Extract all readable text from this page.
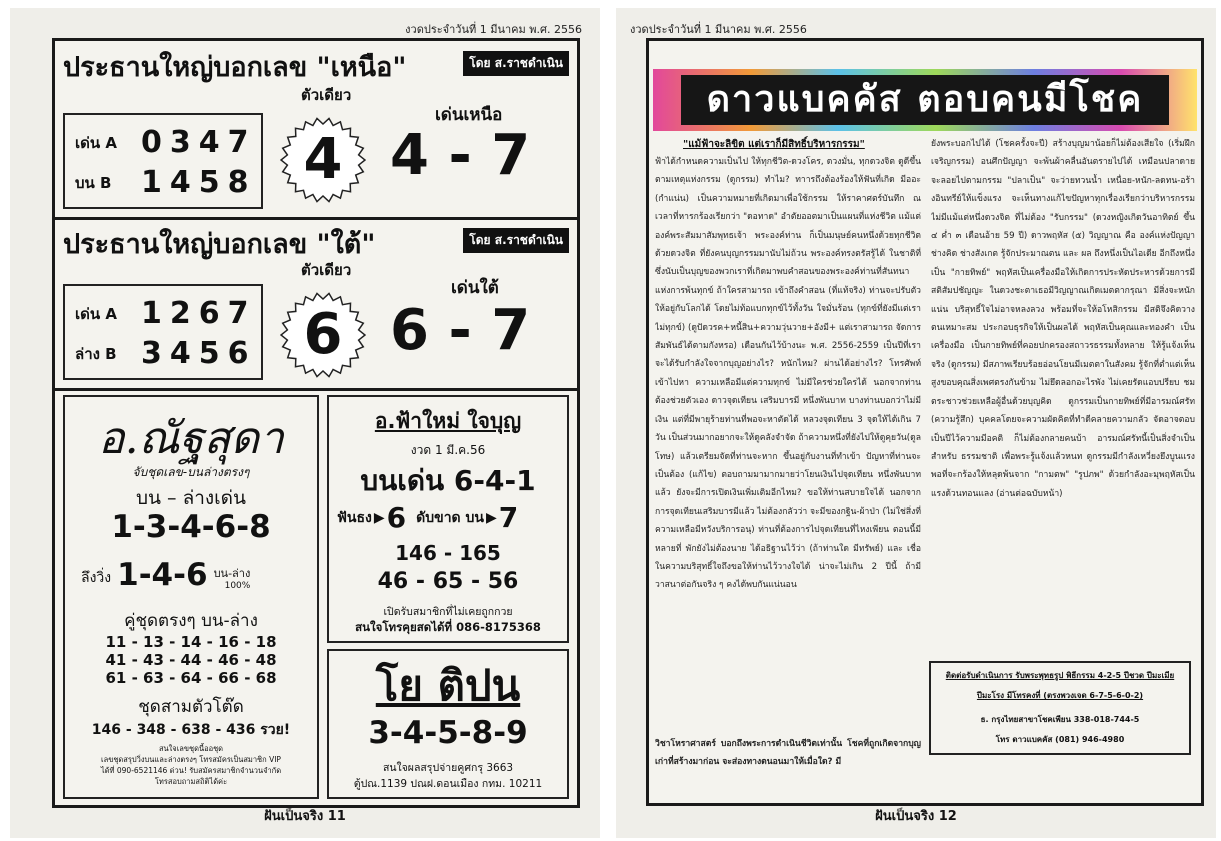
งวดประจำวันที่ 1 มีนาคม พ.ศ. 2556
ประธานใหญ่บอกเลข "เหนือ"	โดย ส.ราชดำเนิน
เด่น A 0347
บน B 1458
ตัวเดียว
4
เด่นเหนือ
4 - 7
ประธานใหญ่บอกเลข "ใต้"	โดย ส.ราชดำเนิน
เด่น A 1267
ล่าง B 3456
ตัวเดียว
6
เด่นใต้
6 - 7
อ.ณัฐสุดา
จับชุดเลข-บนล่างตรงๆ
บน – ล่างเด่น
1-3-4-6-8
ลึงวิ่ง 1-4-6 บน-ล่าง
100%
คู่ชุดตรงๆ บน-ล่าง
11 - 13 - 14 - 16 - 18
41 - 43 - 44 - 46 - 48
61 - 63 - 64 - 66 - 68
ชุดสามตัวโต๊ด
146 - 348 - 638 - 436 รวย!
สนใจเลขชุดนี้ออชุด
เลขชุดสรุปวิ่งบนและล่างตรงๆ โทรสมัครเป็นสมาชิก VIP
ได้ที่ 090-6521146 ด่วน! รับสมัครสมาชิกจำนวนจำกัด
โทรสอบถามสถิติได้ค่ะ
อ.ฟ้าใหม่ ใจบุญ
งวด 1 มี.ค.56
บนเด่น 6-4-1
ฟันธง ▶ 6 ดับขาด บน ▶ 7
146 - 165
46 - 65 - 56
เปิดรับสมาชิกที่ไม่เคยถูกกวย
สนใจโทรคุยสดได้ที่ 086-8175368
โย ติปน
3-4-5-8-9
สนใจผลสรุปจ่ายคูศกรุ 3663
ตู้ปณ.1139 ปณฝ.ดอนเมือง กทม. 10211
ฝันเป็นจริง 11
งวดประจำวันที่ 1 มีนาคม พ.ศ. 2556
ดาวแบคคัส ตอบคนมีโชค
"แม้ฟ้าจะลิขิต แต่เราก็มีสิทธิ์บริหารกรรม"
ฟ้าได้กำหนดความเป็นไป ให้ทุกชีวิต-ดวงโคร, ดวงมั่น, ทุกดวงจิต ดูดีขึ้นตามเหตุแห่งกรรม (ดูกรรม) ทำไม? ทาารถึงต้องร้องให้ฟันที่เกิด มีออะ (กำแน่น) เป็นความหมายที่เกิดมาเพื่อใช้กรรม ให้ราคาศตร์บันทึก ณ เวลาที่หารกร้องเรียกว่า "ดอทาด" อำตัยออตมาเป็นแผนที่แห่งชีวิต แม้แต่องค์พระสัมมาสัมพุทธเจ้า พระองค์ท่าน ก็เป็นมนุษย์คนหนึ่งด้วยทุกชีวิต ด้วยดวงจิต ที่ยังคนบุญกรรมมานับไม่ถ้วน พระองค์ทรงตรัสรู้ได้ ในชาติที่ ซึ่งนับเป็นบุญของพวกเราที่เกิดมาพบคำสอนของพระองค์ท่านที่สันทนาแห่งการพ้นทุกข์ ถ้าใครสามารถ เข้าถึงคำสอน (ที่แท้จริง) ท่านจะปรับตัวให้อยู่กับโลกได้ โดยไม่ท้อแบกทุกข์ไว้ทั้งวัน ใจมั่นร้อน (ทุกข์ที่ยังมีแต่เราไม่ทุกข์) (ดูปัดวรค+หนี้สิน+ความวุ่นวาย+อังมี+ แต่เราสามารถ จัดการสัมพันธ์ได้ตามกังหรอ) เดือนกันไว้บ้างนะ พ.ศ. 2556-2559 เป็นปีที่เราจะได้รับกำลังใจจากบุญอย่างไร? หนักไหม? ผ่านได้อย่างไร? โทรศัพท์เข้าไปหา ความเหลือมีแต่ความทุกข์ ไม่มีใครช่วยใครได้ นอกจากท่านต้องช่วยตัวเอง ดาวจุดเทียน เสริมบารมี หนึ่งพันบาท บางท่านบอกว่าไม่มีเงิน แต่ที่มีพายุร้ายท่านที่พอจะหาตัดได้ หลวงจุดเทียน 3 จุดให้ได้เกิน 7 วัน เป็นส่วนมากอยากจะให้ดูคลังจำจัด ถ้าความหนึ่งที่ยังไปให้ดูคุยวัน(ดูลโทษ) แล้วเตรียมจัดที่ท่านจะหาก ขึ้นอยู่กับงานที่ทำเข้า ปัญหาที่ท่านจะเป็นต้อง (แก้ไข) ตอบถามมามากมายว่าโยนเงินไปจุดเทียน หนึ่งพันบาทแล้ว ยังจะมีการเปิดเงินเพิ่มเติมอีกไหม? ขอให้ท่านสบายใจได้ นอกจากการจุดเทียนเสริมบารมีแล้ว ไม่ต้องกลัวว่า จะมีของกฐิน-ผ้าป่า (ไม่ใช่สิ่งที่ความเหลือมีหวังบริการอนุ) ท่านที่ต้องการไปจุดเทียนที่ไหงเพียน ตอนนี้มีหลายที่ พักยังไม่ต้องนาย ได้อธิฐานไว้ว่า (ถ้าท่านใด มีทรัพย์) และ เชื่อในความบริสุทธิ์ใจถึงขอให้ท่านไว้วางใจได้ น่าจะไม่เกิน 2 ปีนี้ ถ้ามีวาสนาต่อกันจริง ๆ คงได้พบกันแน่นอน
วิชาโหราศาสตร์ บอกถึงพระการดำเนินชีวิตเท่านั้น โชคที่ถูกเกิดจากบุญเก่าที่สร้างมาก่อน จะส่องทางตนอนมาให้เมื่อใด? มี
ยังพระบอกไปได้ (โชคครั้งจะปี) สร้างบุญมาน้อยก็ไม่ต้องเสียใจ (เริ่มฝึกเจริญกรรม) อนศึกปัญญา จะพ้นผ้าคลื่นอันตรายไปได้ เหมือนปลาดาย จะลอยไปตามกรรม "ปลาเป็น" จะว่ายทวนน้ำ เหนื่อย-หนัก-ลดทน-อร้างอินทรีย์ให้แข็งแรง จะเห็นทางแก้ไขปัญหาทุกเรื่องเรียกว่าบริหารกรรม ไม่มีแม้แต่หนึ่งดวงจิต ที่ไม่ต้อง "รับกรรม" (ดวงหญิงเกิดวันอาทิตย์ ขึ้น ๔ ค่ำ ๓ เดือนอ้าย 59 ปี) ดาวพฤหัส (๕) วิญญาณ คือ องค์แห่งปัญญา ช่างคิด ช่างสังเกต รู้จักประมาณตน และ ผล ถึงหนึ่งเป็นไอเดีย อีกถึงหนึ่งเป็น "กายทิพย์" พฤหัสเป็นเครื่องมือให้เกิดการประหัดประหารด้วยการมีสติสัมปชัญญะ ในดวงชะตาเธอมีวิญญาณเกิดเมตตากรุณา มีสิ่งจะหนักแน่น บริสุทธิ์ใจไม่อาจหลงลวง พร้อมที่จะให้อโหสิกรรม มีสติจึงคิดวางตนเหมาะสม ประกอบธุรกิจให้เป็นผลได้ พฤหัสเป็นคุณและทองคำ เป็นเครื่องมือ เป็นกายทิพย์ที่คอยปกครองสถาวรธรรมทั้งหลาย ให้รู้แจ้งเห็นจริง (ดูกรรม) มีสภาพเรียบร้อยอ่อนโยนมีเมตตาในสังคม รู้จักที่ต่ำแต่เห็นสูงขอบคุณสิ่งเพศตรงกันข้าม ไม่ยึดลอกอะไรพัง ไม่เคยรัดแอบปรียบ ชมตระชาวช่วยเหลือผู้อื่นด้วยบุญคิด ดูกรรมเป็นกายทิพย์ที่มีอารมณ์ศรัท (ความรู้สึก) บุคคลโดยจะความผัดคิดที่ทำดีคลายความกลัว จัดอาจตอบเป็นปีไว้ความมีอคติ ก็ไม่ต้องกลายคนบ้า อารมณ์ศรัทนี้เป็นสิ่งจำเป็นสำหรับ ธรรมชาติ เพื่อพระรู้แจ้งแล้วหนท ดูกรรมมีกำลังเหวี่ยงยึงบูนแรงพอที่จะกร้องให้หลุดพ้นจาก "กามตพ" "รูปภพ" ด้วยกำลังอะมุพฤหัสเป็นแรงด้วนทอนแลง (อ่านต่อฉบับหน้า)
ติดต่อรับดำเนินการ รับพระพุทธรูป พิธีกรรม 4-2-5 ปีชวด ปีมะเมีย
ปีมะโรง มีโทรคงที่ (ตรงพวงเจด 6-7-5-6-0-2)
ธ. กรุงไทยสาขาโชคเพียน 338-018-744-5
โทร ดาวแบคคัส (081) 946-4980
ฝันเป็นจริง 12
